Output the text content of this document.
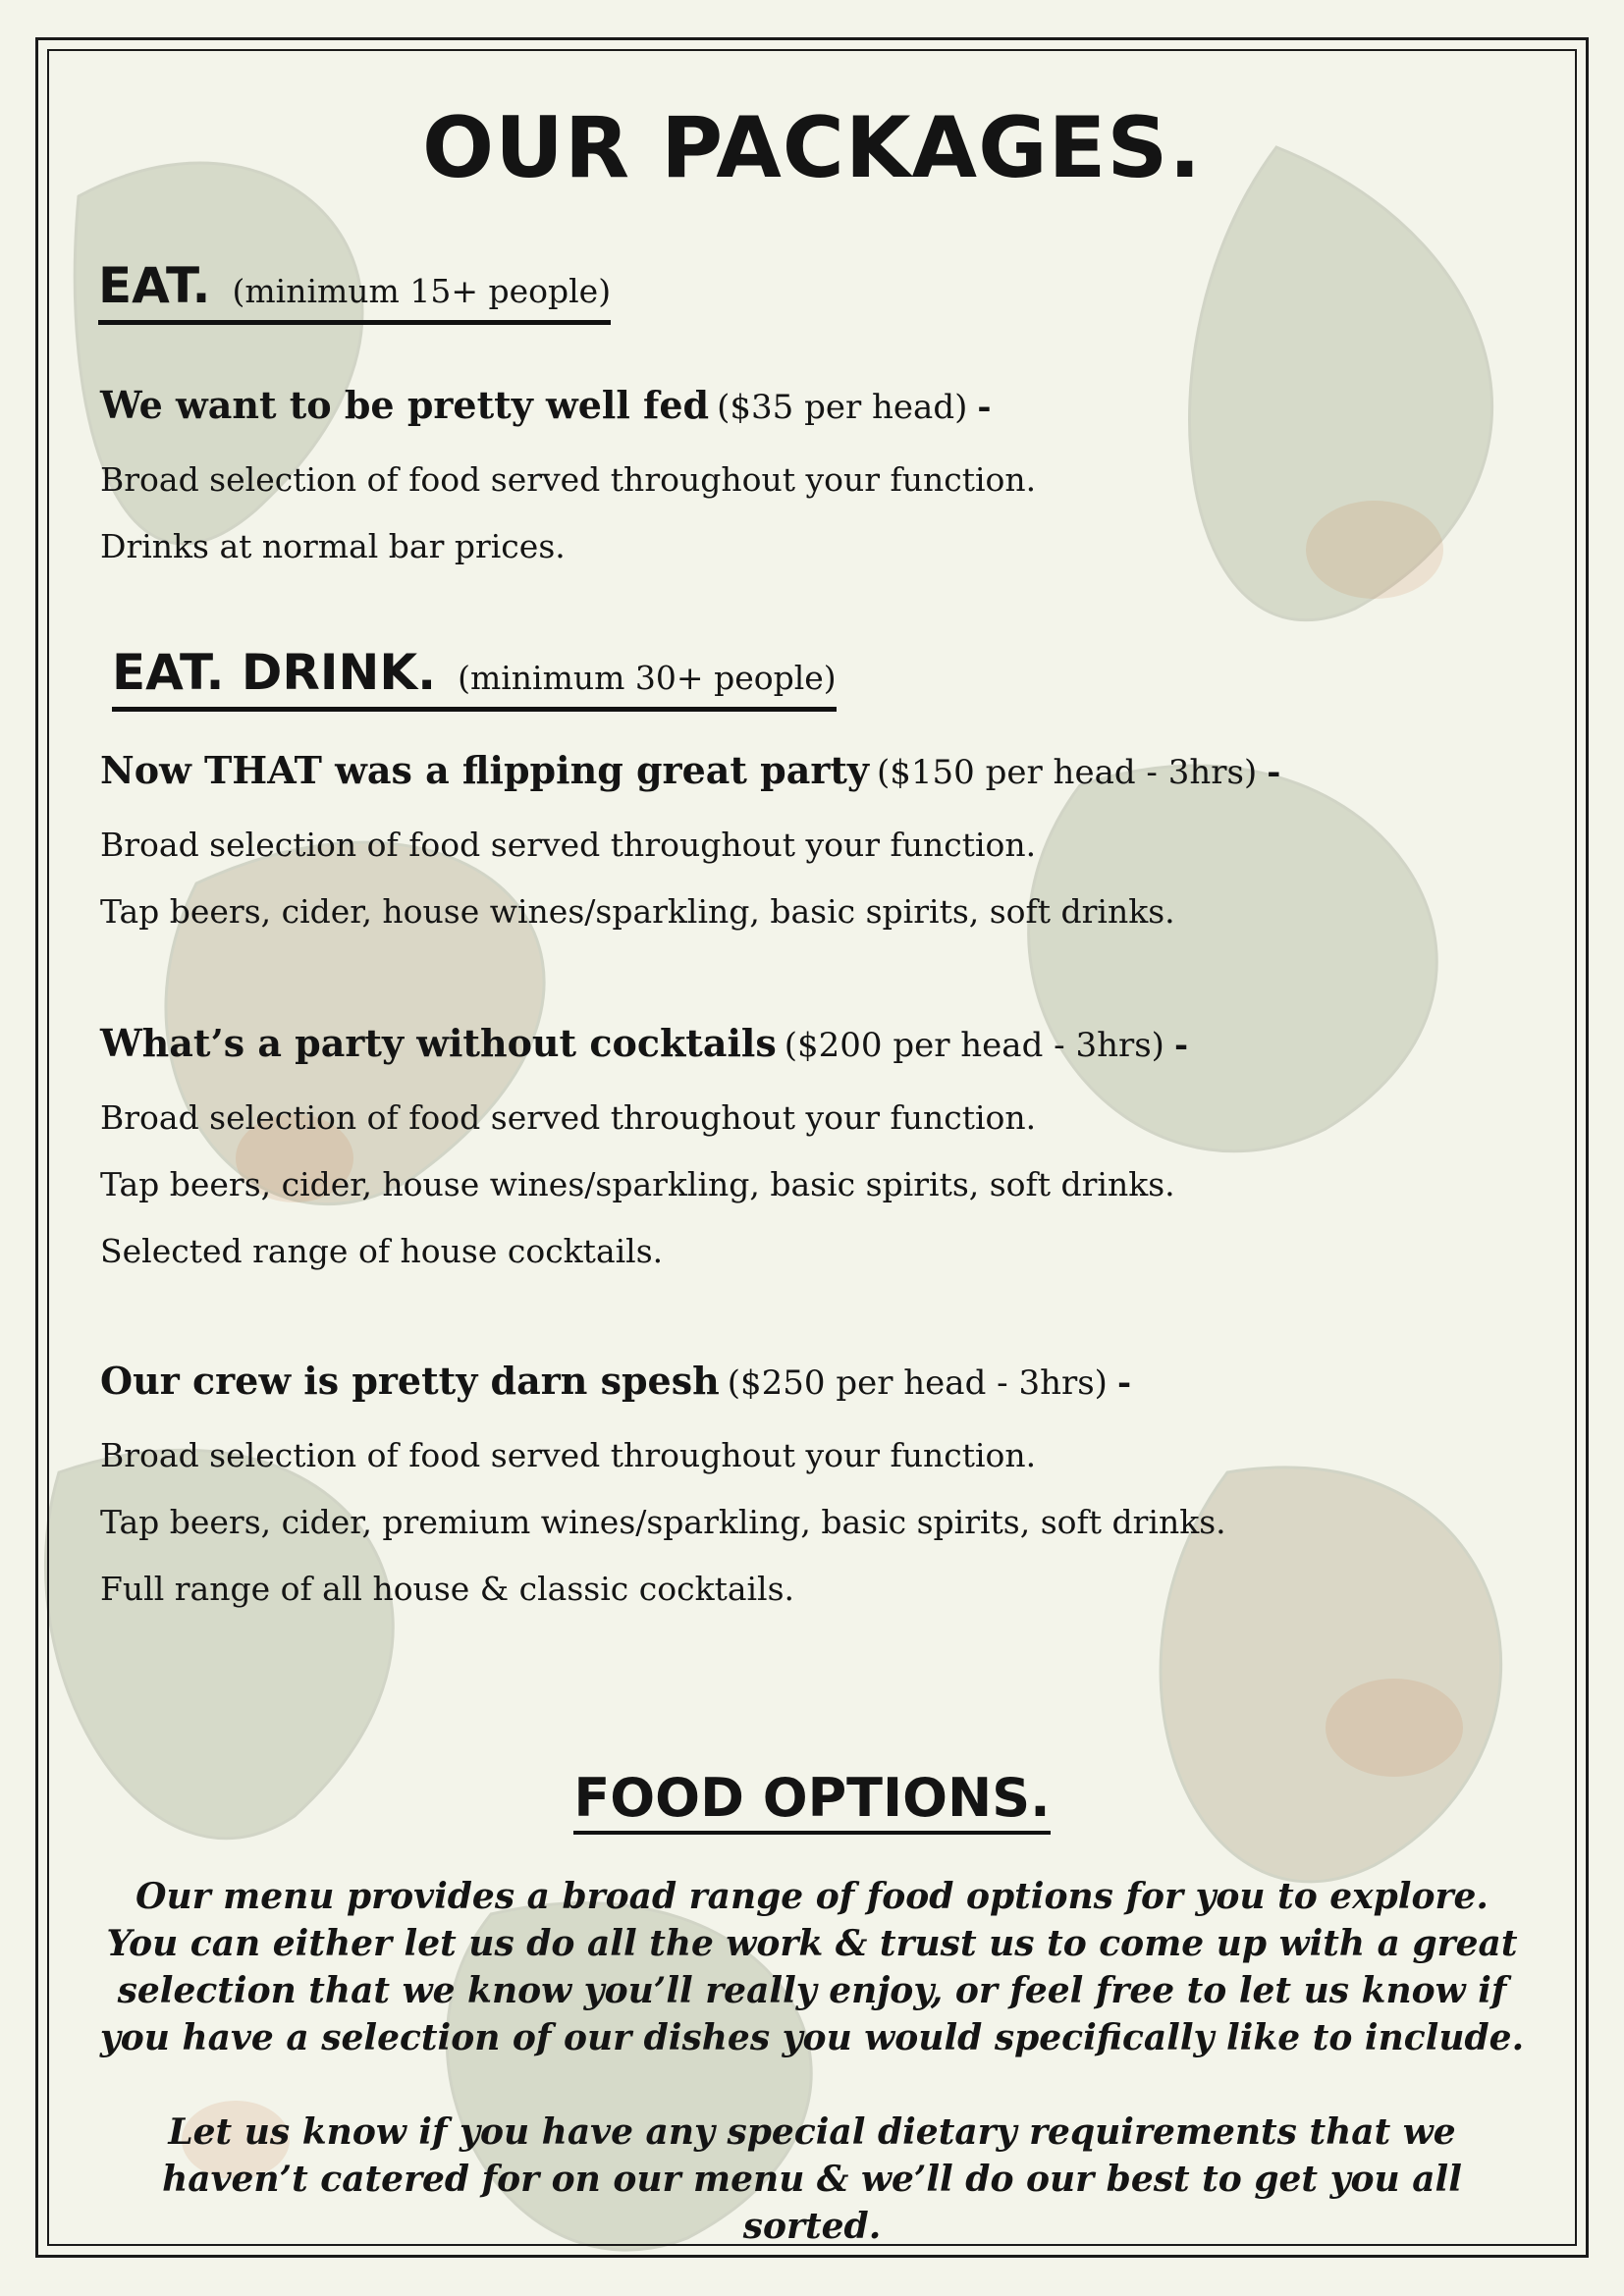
OUR PACKAGES.
EAT. (minimum 15+ people)
We want to be pretty well fed ($35 per head) -
Broad selection of food served throughout your function.
Drinks at normal bar prices.
EAT. DRINK. (minimum 30+ people)
Now THAT was a flipping great party ($150 per head - 3hrs) -
Broad selection of food served throughout your function.
Tap beers, cider, house wines/sparkling, basic spirits, soft drinks.
What’s a party without cocktails ($200 per head - 3hrs) -
Broad selection of food served throughout your function.
Tap beers, cider, house wines/sparkling, basic spirits, soft drinks.
Selected range of house cocktails.
Our crew is pretty darn spesh ($250 per head - 3hrs) -
Broad selection of food served throughout your function.
Tap beers, cider, premium wines/sparkling, basic spirits, soft drinks.
Full range of all house & classic cocktails.
FOOD OPTIONS.
Our menu provides a broad range of food options for you to explore. You can either let us do all the work & trust us to come up with a great selection that we know you’ll really enjoy, or feel free to let us know if you have a selection of our dishes you would specifically like to include.
Let us know if you have any special dietary requirements that we haven’t catered for on our menu & we’ll do our best to get you all sorted.
